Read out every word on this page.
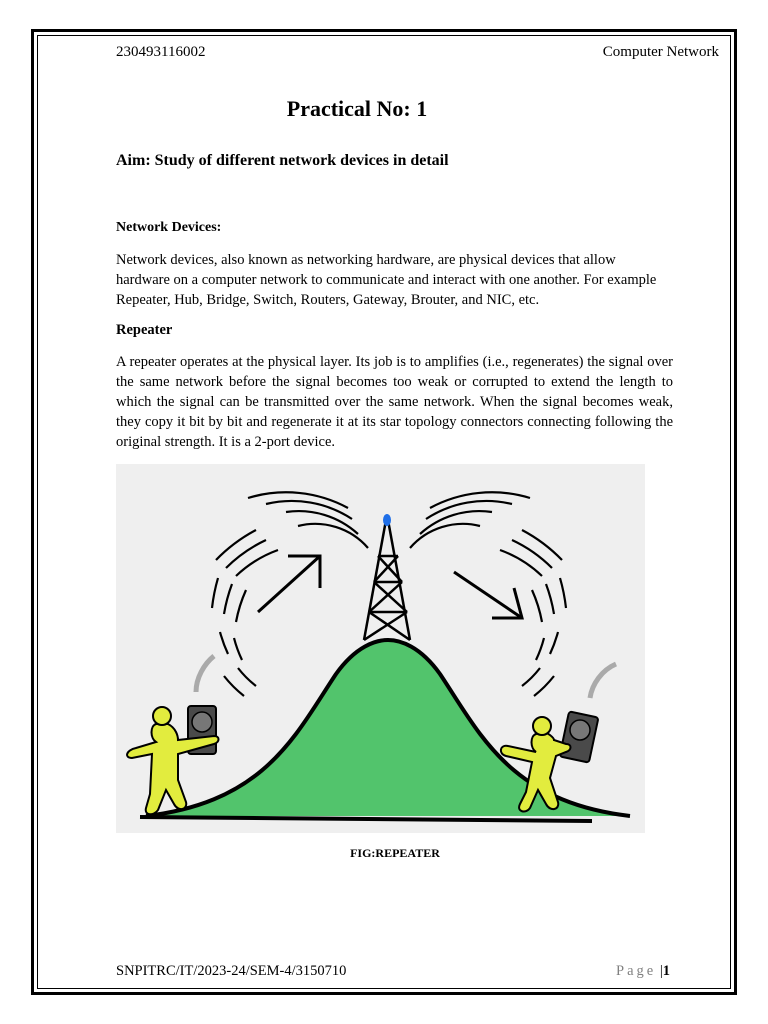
230493116002	Computer Network
Practical No: 1
Aim: Study of different network devices in detail
Network Devices:
Network devices, also known as networking hardware, are physical devices that allow hardware on a computer network to communicate and interact with one another. For example Repeater, Hub, Bridge, Switch, Routers, Gateway, Brouter, and NIC, etc.
Repeater
A repeater operates at the physical layer. Its job is to amplifies (i.e., regenerates) the signal over the same network before the signal becomes too weak or corrupted to extend the length to which the signal can be transmitted over the same network. When the signal becomes weak, they copy it bit by bit and regenerate it at its star topology connectors connecting following the original strength. It is a 2-port device.
FIG:REPEATER
SNPITRC/IT/2023-24/SEM-4/3150710	Page |1
